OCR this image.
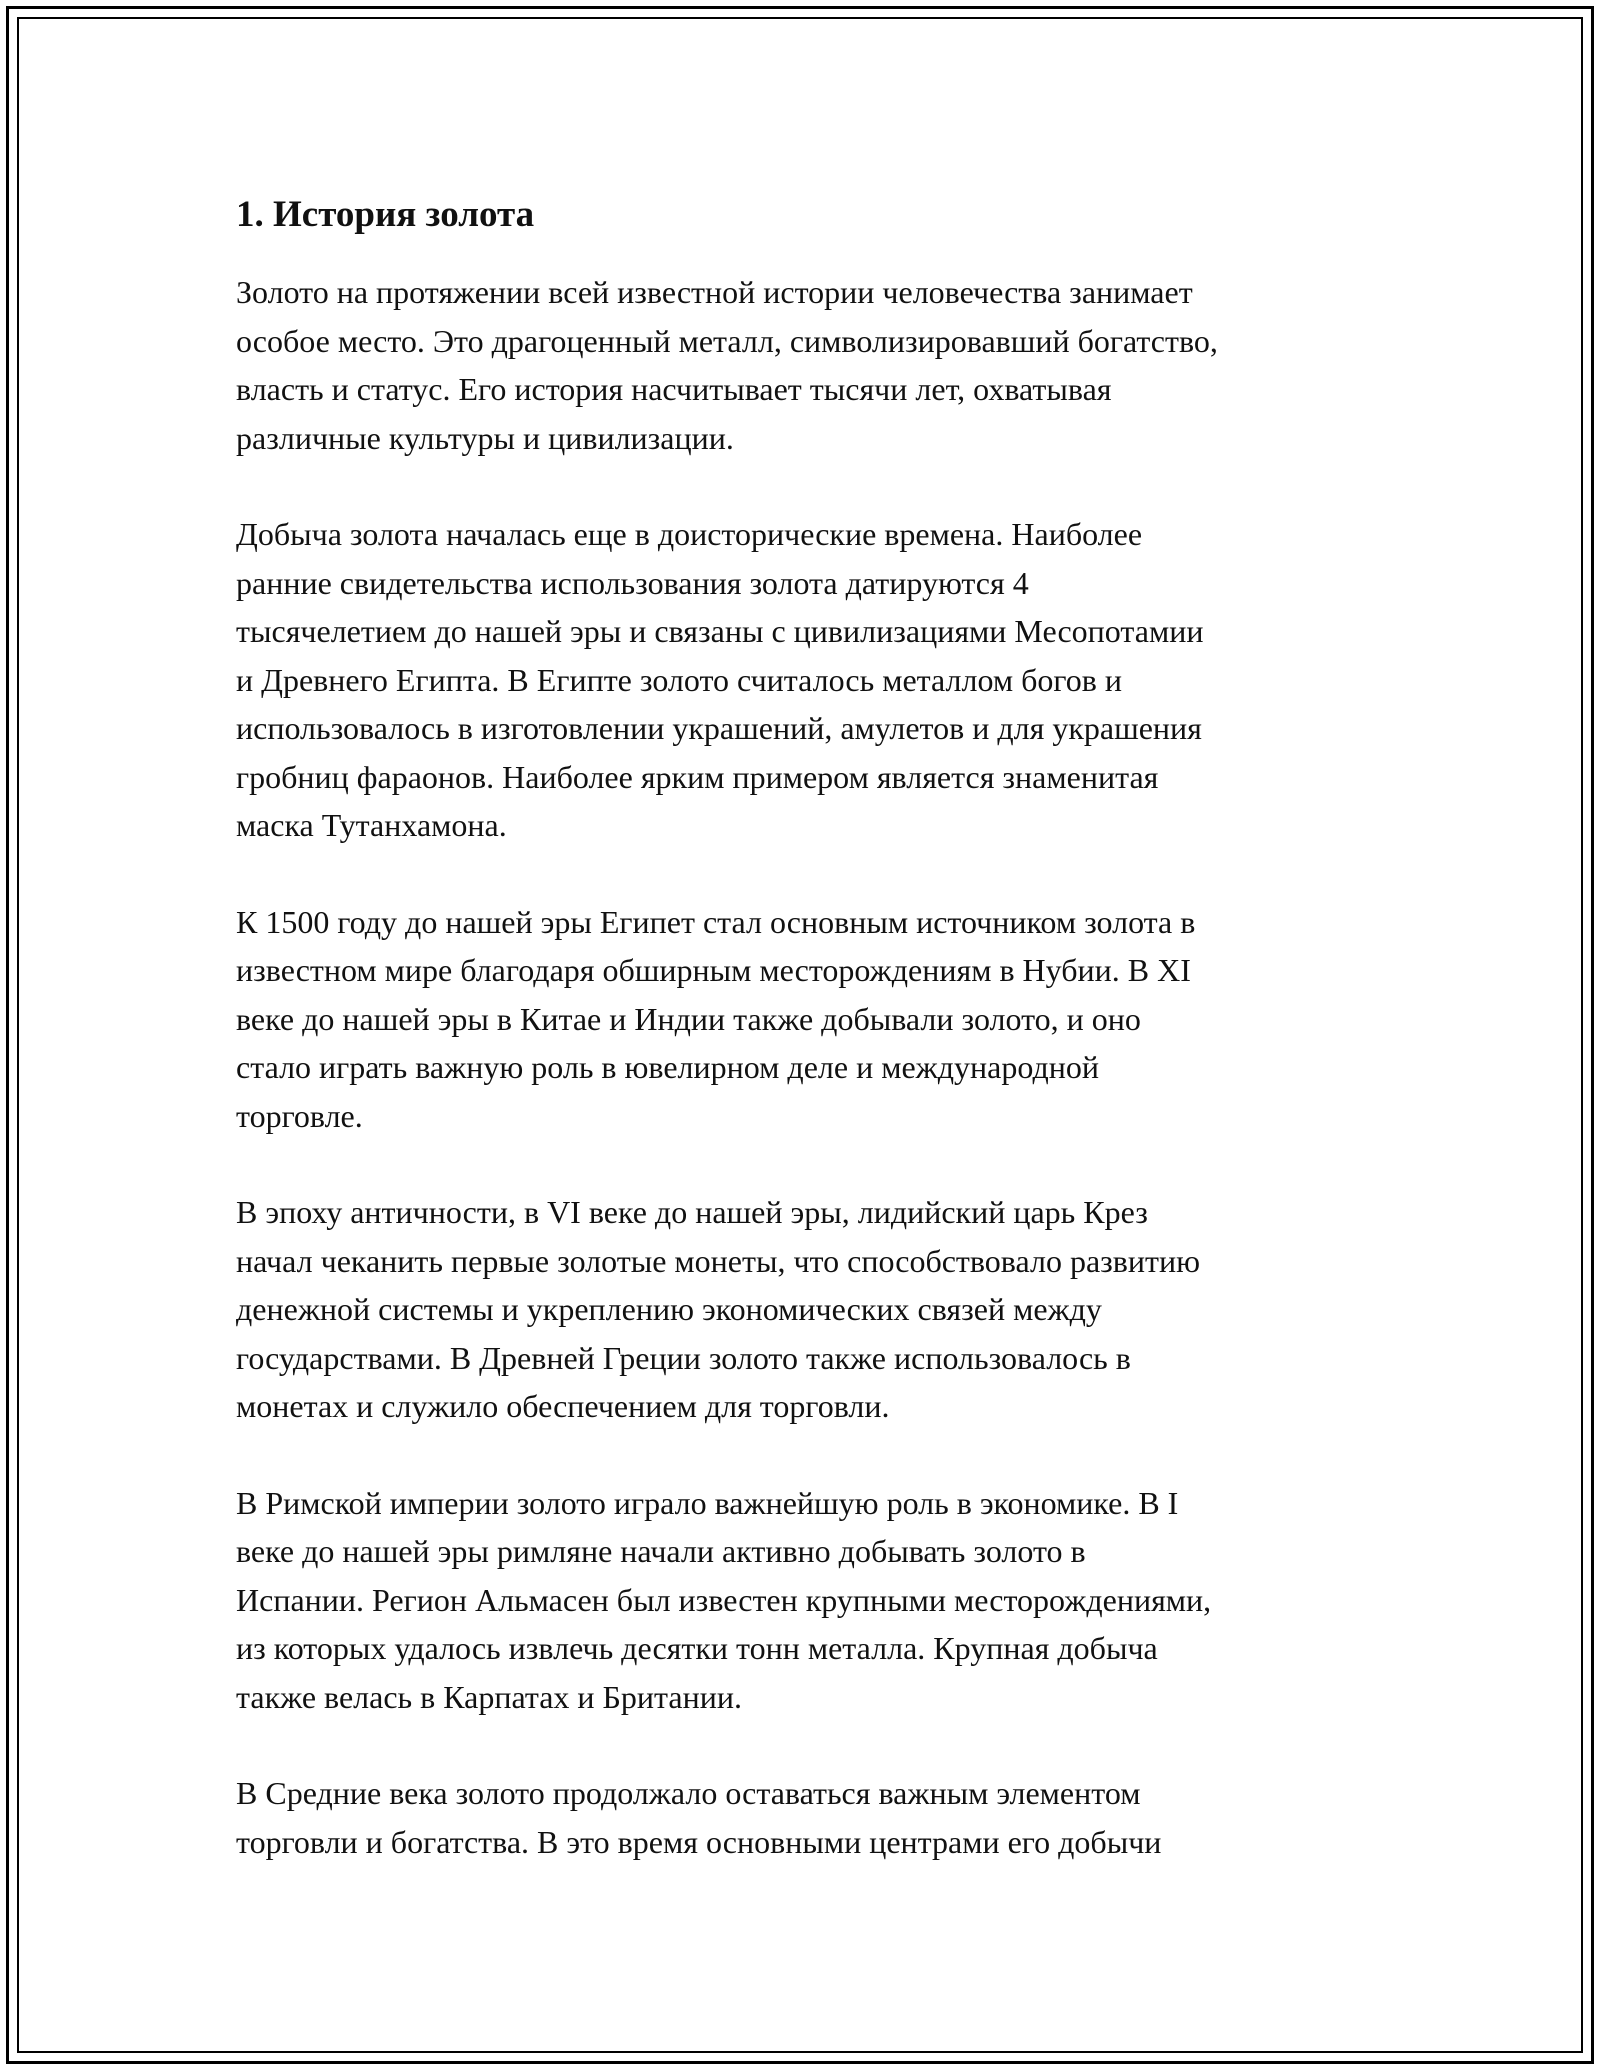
1. История золота

Золото на протяжении всей известной истории человечества занимает
особое место. Это драгоценный металл, символизировавший богатство,
власть и статус. Его история насчитывает тысячи лет, охватывая
различные культуры и цивилизации.

Добыча золота началась еще в доисторические времена. Наиболее
ранние свидетельства использования золота датируются 4
тысячелетием до нашей эры и связаны с цивилизациями Месопотамии
и Древнего Египта. В Египте золото считалось металлом богов и
использовалось в изготовлении украшений, амулетов и для украшения
гробниц фараонов. Наиболее ярким примером является знаменитая
маска Тутанхамона.

К 1500 году до нашей эры Египет стал основным источником золота в
известном мире благодаря обширным месторождениям в Нубии. В XI
веке до нашей эры в Китае и Индии также добывали золото, и оно
стало играть важную роль в ювелирном деле и международной
торговле.

В эпоху античности, в VI веке до нашей эры, лидийский царь Крез
начал чеканить первые золотые монеты, что способствовало развитию
денежной системы и укреплению экономических связей между
государствами. В Древней Греции золото также использовалось в
монетах и служило обеспечением для торговли.

В Римской империи золото играло важнейшую роль в экономике. В I
веке до нашей эры римляне начали активно добывать золото в
Испании. Регион Альмасен был известен крупными месторождениями,
из которых удалось извлечь десятки тонн металла. Крупная добыча
также велась в Карпатах и Британии.

В Средние века золото продолжало оставаться важным элементом
торговли и богатства. В это время основными центрами его добычи
